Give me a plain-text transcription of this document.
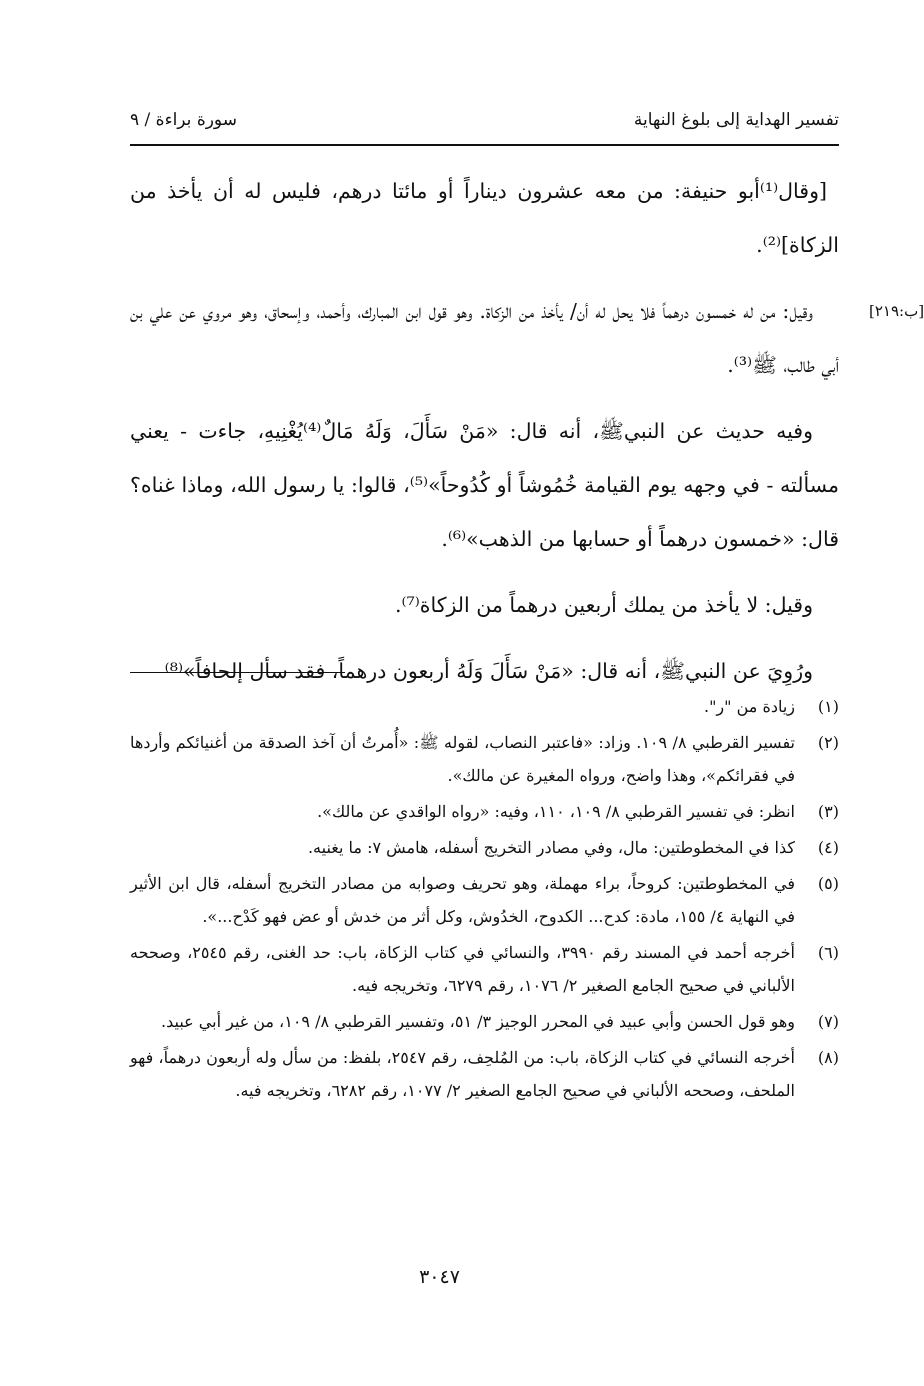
تفسير الهداية إلى بلوغ النهاية
سورة براءة / ٩
[ب:٢١٩]

[وقال⁽¹⁾أبو حنيفة: من معه عشرون ديناراً أو مائتا درهم، فليس له أن يأخذ من الزكاة]⁽²⁾.

وقيل: من له خمسون درهماً فلا يحل له أن/ يأخذ من الزكاة. وهو قول ابن المبارك، وأحمد، وإسحاق، وهو مروي عن علي بن أبي طالب، ﷺ⁽³⁾.

وفيه حديث عن النبيﷺ، أنه قال: «مَنْ سَأَلَ، وَلَهُ مَالٌ⁽⁴⁾يُغْنِيهِ، جاءت - يعني مسألته - في وجهه يوم القيامة خُمُوشاً أو كُدُوحاً»⁽⁵⁾، قالوا: يا رسول الله، وماذا غناه؟ قال: «خمسون درهماً أو حسابها من الذهب»⁽⁶⁾.

وقيل: لا يأخذ من يملك أربعين درهماً من الزكاة⁽⁷⁾.

ورُوِيَ عن النبيﷺ، أنه قال: «مَنْ سَأَلَ وَلَهُ أربعون درهماً، فقد سأل إلحافاً»⁽⁸⁾

(١)
زيادة من "ر".
(٢)
تفسير القرطبي ٨/ ١٠٩. وزاد: «فاعتبر النصاب، لقوله ﷺ: «أُمرتُ أن آخذ الصدقة من أغنيائكم وأردها في فقرائكم»، وهذا واضح، ورواه المغيرة عن مالك».
(٣)
انظر: في تفسير القرطبي ٨/ ١٠٩، ١١٠، وفيه: «رواه الواقدي عن مالك».
(٤)
كذا في المخطوطتين: مال، وفي مصادر التخريج أسفله، هامش ٧: ما يغنيه.
(٥)
في المخطوطتين: كروحاً، براء مهملة، وهو تحريف وصوابه من مصادر التخريج أسفله، قال ابن الأثير في النهاية ٤/ ١٥٥، مادة: كدح... الكدوح، الخدُوش، وكل أثر من خدش أو عض فهو كَدْح...».
(٦)
أخرجه أحمد في المسند رقم ٣٩٩٠، والنسائي في كتاب الزكاة، باب: حد الغنى، رقم ٢٥٤٥، وصححه الألباني في صحيح الجامع الصغير ٢/ ١٠٧٦، رقم ٦٢٧٩، وتخريجه فيه.
(٧)
وهو قول الحسن وأبي عبيد في المحرر الوجيز ٣/ ٥١، وتفسير القرطبي ٨/ ١٠٩، من غير أبي عبيد.
(٨)
أخرجه النسائي في كتاب الزكاة، باب: من المُلحِف، رقم ٢٥٤٧، بلفظ: من سأل وله أربعون درهماً، فهو الملحف، وصححه الألباني في صحيح الجامع الصغير ٢/ ١٠٧٧، رقم ٦٢٨٢، وتخريجه فيه.
٣٠٤٧
